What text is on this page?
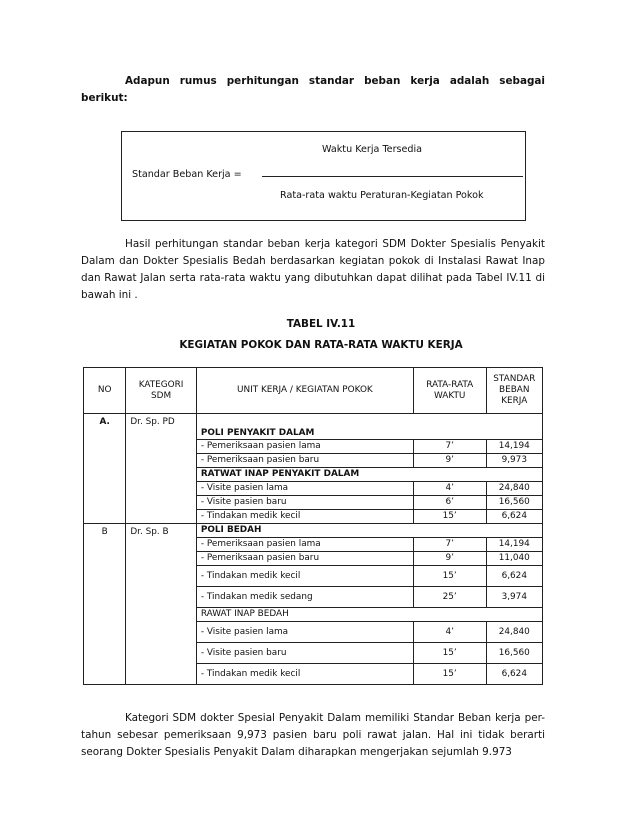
Adapun rumus perhitungan standar beban kerja adalah sebagai berikut:
Waktu Kerja Tersedia
Standar Beban Kerja =
Rata-rata waktu Peraturan-Kegiatan Pokok
Hasil perhitungan standar beban kerja kategori SDM Dokter Spesialis Penyakit Dalam dan Dokter Spesialis Bedah berdasarkan kegiatan pokok di Instalasi Rawat Inap dan Rawat Jalan serta rata-rata waktu yang dibutuhkan dapat dilihat pada Tabel IV.11 di bawah ini .
TABEL IV.11
KEGIATAN POKOK DAN RATA-RATA WAKTU KERJA
NO	KATEGORI SDM	UNIT KERJA / KEGIATAN POKOK	RATA-RATA WAKTU	STANDAR BEBAN KERJA
A.	Dr. Sp. PD	POLI PENYAKIT DALAM		
		- Pemeriksaan pasien lama	7’	14,194
		- Pemeriksaan pasien baru	9’	9,973
		RATWAT INAP PENYAKIT DALAM		
		- Visite pasien lama	4’	24,840
		- Visite pasien baru	6’	16,560
		- Tindakan medik kecil	15’	6,624
B	Dr. Sp. B	POLI BEDAH		
		- Pemeriksaan pasien lama	7’	14,194
		- Pemeriksaan pasien baru	9’	11,040
		- Tindakan medik kecil	15’	6,624
		- Tindakan medik sedang	25’	3,974
		RAWAT INAP BEDAH		
		- Visite pasien lama	4’	24,840
		- Visite pasien baru	15’	16,560
		- Tindakan medik kecil	15’	6,624
Kategori SDM dokter Spesial Penyakit Dalam memiliki Standar Beban kerja per-tahun sebesar pemeriksaan 9,973 pasien baru poli rawat jalan. Hal ini tidak berarti seorang Dokter Spesialis Penyakit Dalam diharapkan mengerjakan sejumlah 9.973
